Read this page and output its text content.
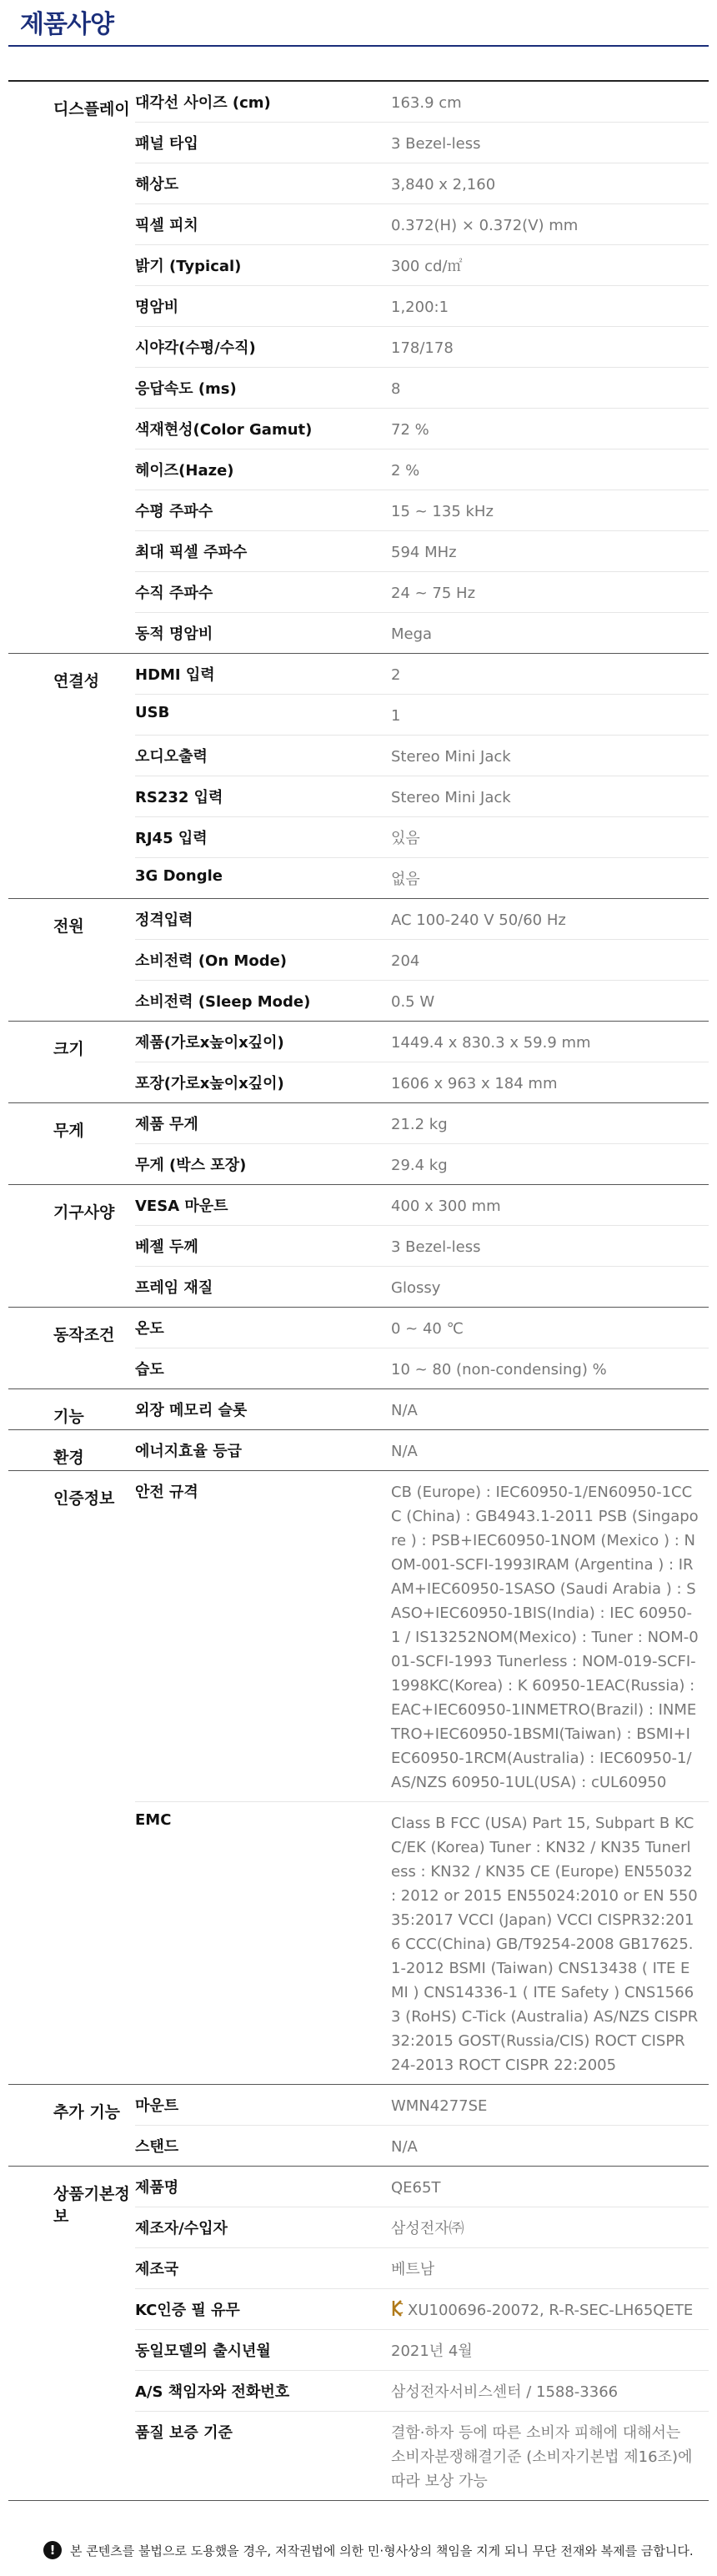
제품사양
디스플레이 대각선 사이즈 (cm)	163.9 cm
패널 타입	3 Bezel-less
해상도	3,840 x 2,160
픽셀 피치	0.372(H) × 0.372(V) mm
밝기 (Typical)	300 cd/㎡
명암비	1,200:1
시야각(수평/수직)	178/178
응답속도 (ms)	8
색재현성(Color Gamut)	72 %
헤이즈(Haze)	2 %
수평 주파수	15 ~ 135 kHz
최대 픽셀 주파수	594 MHz
수직 주파수	24 ~ 75 Hz
동적 명암비	Mega
연결성	HDMI 입력	2
USB	1
오디오출력	Stereo Mini Jack
RS232 입력	Stereo Mini Jack
RJ45 입력	있음
3G Dongle	없음
전원	정격입력	AC 100-240 V 50/60 Hz
소비전력 (On Mode)	204
소비전력 (Sleep Mode)	0.5 W
크기	제품(가로x높이x깊이)	1449.4 x 830.3 x 59.9 mm
포장(가로x높이x깊이)	1606 x 963 x 184 mm
무게	제품 무게	21.2 kg
무게 (박스 포장)	29.4 kg
기구사양	VESA 마운트	400 x 300 mm
베젤 두께	3 Bezel-less
프레임 재질	Glossy
동작조건	온도	0 ~ 40 ℃
습도	10 ~ 80 (non-condensing) %
기능	외장 메모리 슬롯	N/A
환경	에너지효율 등급	N/A
인증정보	안전 규격	CB (Europe) : IEC60950-1/EN60950-1CCC (China) : GB4943.1-2011 PSB (Singapore ) : PSB+IEC60950-1NOM (Mexico ) : NOM-001-SCFI-1993IRAM (Argentina ) : IRAM+IEC60950-1SASO (Saudi Arabia ) : SASO+IEC60950-1BIS(India) : IEC 60950-1 / IS13252NOM(Mexico) : Tuner : NOM-001-SCFI-1993 Tunerless : NOM-019-SCFI-1998KC(Korea) : K 60950-1EAC(Russia) : EAC+IEC60950-1INMETRO(Brazil) : INMETRO+IEC60950-1BSMI(Taiwan) : BSMI+IEC60950-1RCM(Australia) : IEC60950-1/AS/NZS 60950-1UL(USA) : cUL60950
EMC	Class B FCC (USA) Part 15, Subpart B KCC/EK (Korea) Tuner : KN32 / KN35 Tunerless : KN32 / KN35 CE (Europe) EN55032 : 2012 or 2015 EN55024:2010 or EN 55035:2017 VCCI (Japan) VCCI CISPR32:2016 CCC(China) GB/T9254-2008 GB17625.1-2012 BSMI (Taiwan) CNS13438 ( ITE EMI ) CNS14336-1 ( ITE Safety ) CNS15663 (RoHS) C-Tick (Australia) AS/NZS CISPR32:2015 GOST(Russia/CIS) ROCT CISPR 24-2013 ROCT CISPR 22:2005
추가 기능 마운트	WMN4277SE
스탠드	N/A
상품기본정보
제품명	QE65T
제조자/수입자	삼성전자㈜
제조국	베트남
KC인증 필 유무	XU100696-20072, R-R-SEC-LH65QETE
동일모델의 출시년월	2021년 4월
A/S 책임자와 전화번호	삼성전자서비스센터 / 1588-3366
품질 보증 기준	결함·하자 등에 따른 소비자 피해에 대해서는 소비자분쟁해결기준 (소비자기본법 제16조)에 따라 보상 가능
!	본 콘텐츠를 불법으로 도용했을 경우, 저작권법에 의한 민·형사상의 책임을 지게 되니 무단 전재와 복제를 금합니다.
